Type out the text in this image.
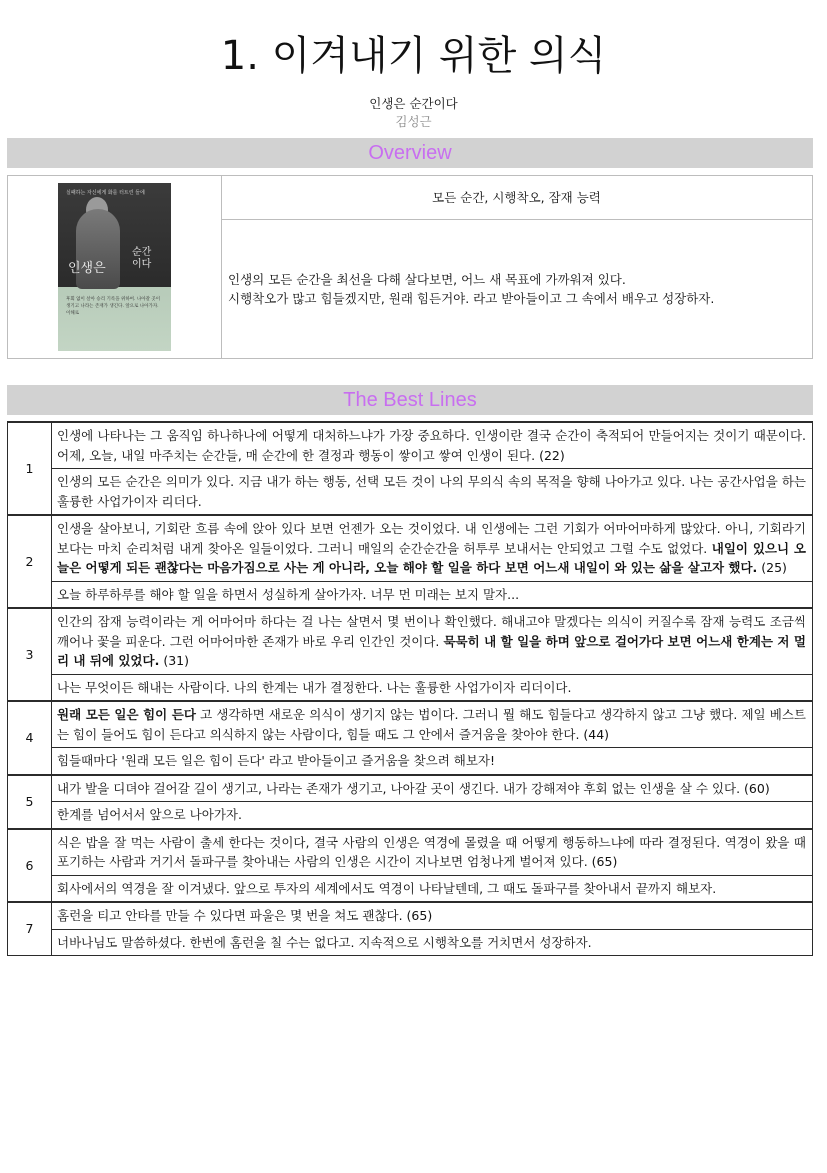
1. 이겨내기 위한 의식
인생은 순간이다
김성근
Overview
실패하는 자신에게 화를 터트린 들에
인생은
순간 이다
후회 없이 살아 승리 기록을 위하여. 나아갈 곳이 생기고 나라는 존재가 생긴다. 앞으로 나아가자. 이해로
모든 순간, 시행착오, 잠재 능력
인생의 모든 순간을 최선을 다해 살다보면, 어느 새 목표에 가까워져 있다.
시행착오가 많고 힘들겠지만, 원래 힘든거야. 라고 받아들이고 그 속에서 배우고 성장하자.
The Best Lines
1	인생에 나타나는 그 움직임 하나하나에 어떻게 대처하느냐가 가장 중요하다. 인생이란 결국 순간이 축적되어 만들어지는 것이기 때문이다. 어제, 오늘, 내일 마주치는 순간들, 매 순간에 한 결정과 행동이 쌓이고 쌓여 인생이 된다. (22)
	인생의 모든 순간은 의미가 있다. 지금 내가 하는 행동, 선택 모든 것이 나의 무의식 속의 목적을 향해 나아가고 있다. 나는 공간사업을 하는 훌륭한 사업가이자 리더다.
2	인생을 살아보니, 기회란 흐름 속에 앉아 있다 보면 언젠가 오는 것이었다. 내 인생에는 그런 기회가 어마어마하게 많았다. 아니, 기회라기보다는 마치 순리처럼 내게 찾아온 일들이었다. 그러니 매일의 순간순간을 허투루 보내서는 안되었고 그럴 수도 없었다. 내일이 있으니 오늘은 어떻게 되든 괜찮다는 마음가짐으로 사는 게 아니라, 오늘 해야 할 일을 하다 보면 어느새 내일이 와 있는 삶을 살고자 했다. (25)
	오늘 하루하루를 해야 할 일을 하면서 성실하게 살아가자. 너무 먼 미래는 보지 말자...
3	인간의 잠재 능력이라는 게 어마어마 하다는 걸 나는 살면서 몇 번이나 확인했다. 해내고야 말겠다는 의식이 커질수록 잠재 능력도 조금씩 깨어나 꽃을 피운다. 그런 어마어마한 존재가 바로 우리 인간인 것이다. 묵묵히 내 할 일을 하며 앞으로 걸어가다 보면 어느새 한계는 저 멀리 내 뒤에 있었다. (31)
	나는 무엇이든 해내는 사람이다. 나의 한계는 내가 결정한다. 나는 훌륭한 사업가이자 리더이다.
4	원래 모든 일은 힘이 든다 고 생각하면 새로운 의식이 생기지 않는 법이다. 그러니 뭘 해도 힘들다고 생각하지 않고 그냥 했다. 제일 베스트는 힘이 들어도 힘이 든다고 의식하지 않는 사람이다, 힘들 때도 그 안에서 즐거움을 찾아야 한다. (44)
	힘들때마다 '원래 모든 일은 힘이 든다' 라고 받아들이고 즐거움을 찾으려 해보자!
5	내가 발을 디뎌야 걸어갈 길이 생기고, 나라는 존재가 생기고, 나아갈 곳이 생긴다. 내가 강해져야 후회 없는 인생을 살 수 있다. (60)
	한계를 넘어서서 앞으로 나아가자.
6	식은 밥을 잘 먹는 사람이 출세 한다는 것이다, 결국 사람의 인생은 역경에 몰렸을 때 어떻게 행동하느냐에 따라 결정된다. 역경이 왔을 때 포기하는 사람과 거기서 돌파구를 찾아내는 사람의 인생은 시간이 지나보면 엄청나게 벌어져 있다. (65)
	회사에서의 역경을 잘 이겨냈다. 앞으로 투자의 세계에서도 역경이 나타날텐데, 그 때도 돌파구를 찾아내서 끝까지 해보자.
7	홈런을 티고 안타를 만들 수 있다면 파울은 몇 번을 쳐도 괜찮다. (65)
	너바나님도 말씀하셨다. 한번에 홈런을 칠 수는 없다고. 지속적으로 시행착오를 거치면서 성장하자.
